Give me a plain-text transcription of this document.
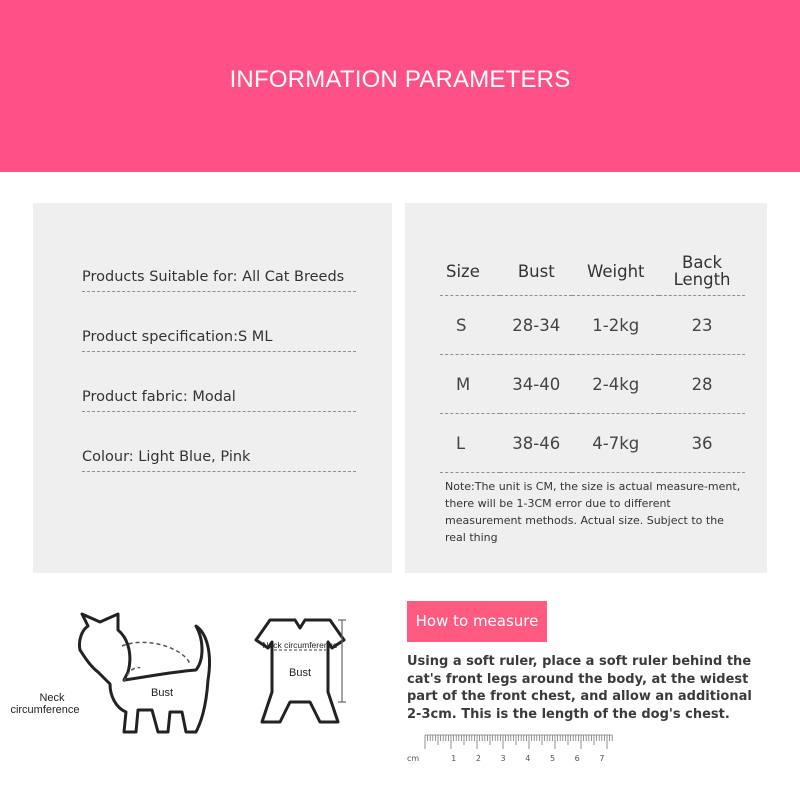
INFORMATION PARAMETERS
Products Suitable for: All Cat Breeds
Product specification:S ML
Product fabric: Modal
Colour: Light Blue, Pink
Size	Bust	Weight	Back
Length
S	28-34	1-2kg	23
M	34-40	2-4kg	28
L	38-46	4-7kg	36
Note:The unit is CM, the size is actual measure-ment, there will be 1-3CM error due to different measurement methods. Actual size. Subject to the real thing
Neck
circumference
Bust
Neck circumference
Bust
How to measure
Using a soft ruler, place a soft ruler behind the cat's front legs around the body, at the widest part of the front chest, and allow an additional 2-3cm. This is the length of the dog's chest.
cm	1 2 3 4 5 6 7
